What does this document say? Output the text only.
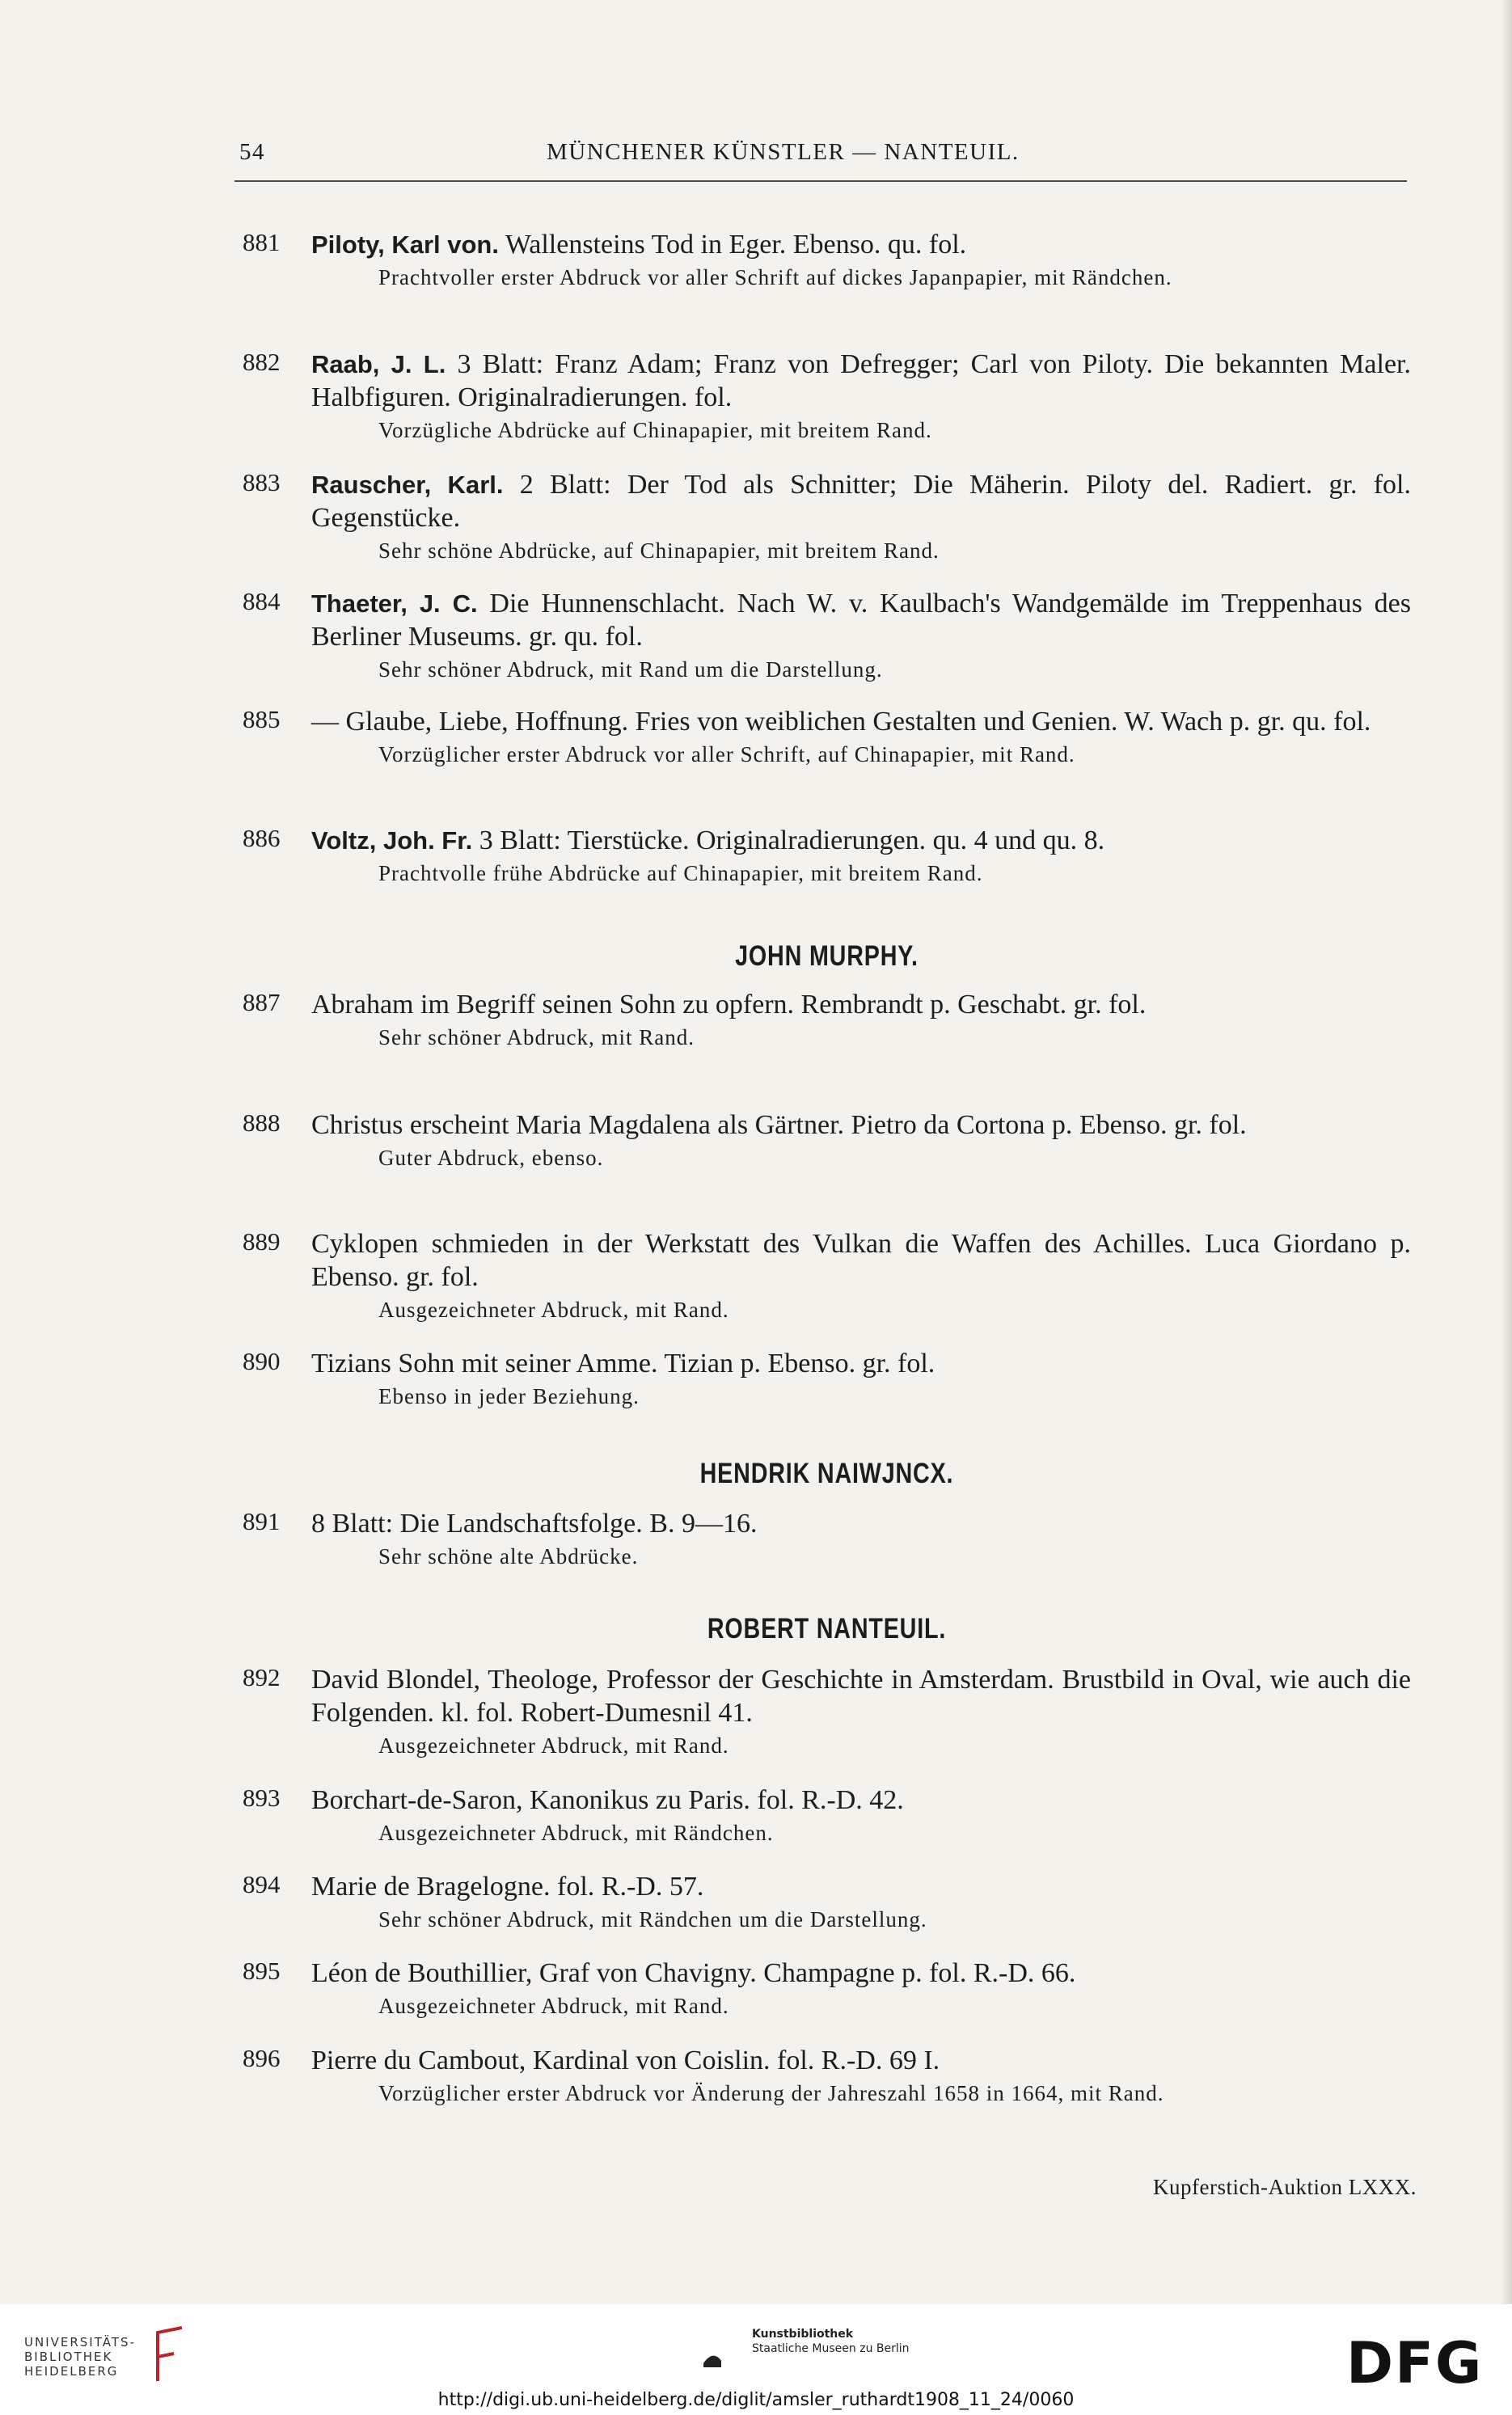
54	MÜNCHENER KÜNSTLER — NANTEUIL.
881 Piloty, Karl von. Wallensteins Tod in Eger. Ebenso. qu. fol.
Prachtvoller erster Abdruck vor aller Schrift auf dickes Japanpapier, mit Rändchen.
882 Raab, J. L. 3 Blatt: Franz Adam; Franz von Defregger; Carl von Piloty. Die bekannten Maler. Halbfiguren. Originalradierungen. fol.
Vorzügliche Abdrücke auf Chinapapier, mit breitem Rand.
883 Rauscher, Karl. 2 Blatt: Der Tod als Schnitter; Die Mäherin. Piloty del. Radiert. gr. fol. Gegenstücke.
Sehr schöne Abdrücke, auf Chinapapier, mit breitem Rand.
884 Thaeter, J. C. Die Hunnenschlacht. Nach W. v. Kaulbach's Wandgemälde im Treppenhaus des Berliner Museums. gr. qu. fol.
Sehr schöner Abdruck, mit Rand um die Darstellung.
885 — Glaube, Liebe, Hoffnung. Fries von weiblichen Gestalten und Genien. W. Wach p. gr. qu. fol.
Vorzüglicher erster Abdruck vor aller Schrift, auf Chinapapier, mit Rand.
886 Voltz, Joh. Fr. 3 Blatt: Tierstücke. Originalradierungen. qu. 4 und qu. 8.
Prachtvolle frühe Abdrücke auf Chinapapier, mit breitem Rand.
JOHN MURPHY.
887 Abraham im Begriff seinen Sohn zu opfern. Rembrandt p. Geschabt. gr. fol.
Sehr schöner Abdruck, mit Rand.
888 Christus erscheint Maria Magdalena als Gärtner. Pietro da Cortona p. Ebenso. gr. fol.
Guter Abdruck, ebenso.
889 Cyklopen schmieden in der Werkstatt des Vulkan die Waffen des Achilles. Luca Giordano p. Ebenso. gr. fol.
Ausgezeichneter Abdruck, mit Rand.
890 Tizians Sohn mit seiner Amme. Tizian p. Ebenso. gr. fol.
Ebenso in jeder Beziehung.
HENDRIK NAIWJNCX.
891 8 Blatt: Die Landschaftsfolge. B. 9—16.
Sehr schöne alte Abdrücke.
ROBERT NANTEUIL.
892 David Blondel, Theologe, Professor der Geschichte in Amsterdam. Brustbild in Oval, wie auch die Folgenden. kl. fol. Robert-Dumesnil 41.
Ausgezeichneter Abdruck, mit Rand.
893 Borchart-de-Saron, Kanonikus zu Paris. fol. R.-D. 42.
Ausgezeichneter Abdruck, mit Rändchen.
894 Marie de Bragelogne. fol. R.-D. 57.
Sehr schöner Abdruck, mit Rändchen um die Darstellung.
895 Léon de Bouthillier, Graf von Chavigny. Champagne p. fol. R.-D. 66.
Ausgezeichneter Abdruck, mit Rand.
896 Pierre du Cambout, Kardinal von Coislin. fol. R.-D. 69 I.
Vorzüglicher erster Abdruck vor Änderung der Jahreszahl 1658 in 1664, mit Rand.
Kupferstich-Auktion LXXX.
UNIVERSITÄTS-
BIBLIOTHEK
HEIDELBERG
Kunstbibliothek
Staatliche Museen zu Berlin	DFG
http://digi.ub.uni-heidelberg.de/diglit/amsler_ruthardt1908_11_24/0060
